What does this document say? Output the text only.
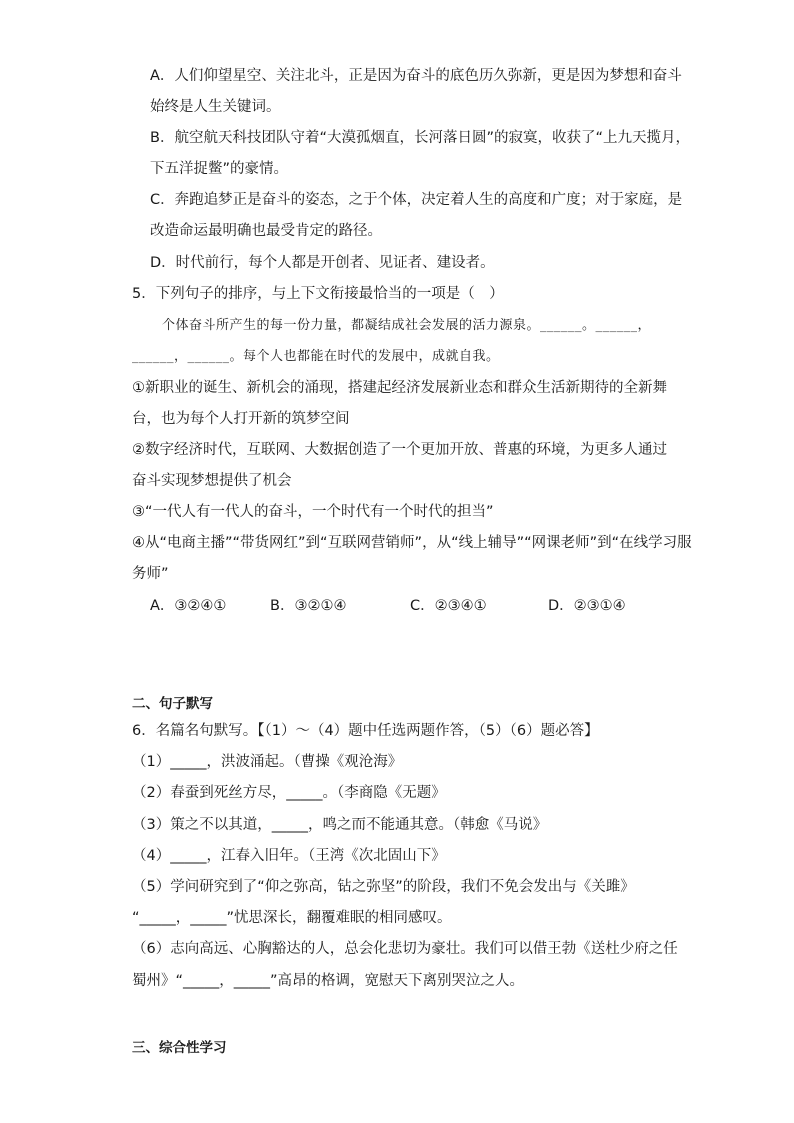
A．人们仰望星空、关注北斗，正是因为奋斗的底色历久弥新，更是因为梦想和奋斗
始终是人生关键词。
B．航空航天科技团队守着“大漠孤烟直，长河落日圆”的寂寞，收获了“上九天揽月，
下五洋捉鳖”的豪情。
C．奔跑追梦正是奋斗的姿态，之于个体，决定着人生的高度和广度；对于家庭，是
改造命运最明确也最受肯定的路径。
D．时代前行，每个人都是开创者、见证者、建设者。
5．下列句子的排序，与上下文衔接最恰当的一项是（　）
个体奋斗所产生的每一份力量，都凝结成社会发展的活力源泉。______。______，
______，______。每个人也都能在时代的发展中，成就自我。
①新职业的诞生、新机会的涌现，搭建起经济发展新业态和群众生活新期待的全新舞
台，也为每个人打开新的筑梦空间
②数字经济时代，互联网、大数据创造了一个更加开放、普惠的环境，为更多人通过
奋斗实现梦想提供了机会
③“一代人有一代人的奋斗，一个时代有一个时代的担当”
④从“电商主播”“带货网红”到“互联网营销师”，从“线上辅导”“网课老师”到“在线学习服
务师”
A．③②④①	B．③②①④	C．②③④①	D．②③①④
二、句子默写
6．名篇名句默写。【（1）～（4）题中任选两题作答，（5）（6）题必答】
（1）_____，洪波涌起。（曹操《观沧海》
（2）春蚕到死丝方尽，_____。（李商隐《无题》
（3）策之不以其道，_____，鸣之而不能通其意。（韩愈《马说》
（4）_____，江春入旧年。（王湾《次北固山下》
（5）学问研究到了“仰之弥高，钻之弥坚”的阶段，我们不免会发出与《关雎》
“_____，_____”忧思深长，翻覆难眠的相同感叹。
（6）志向高远、心胸豁达的人，总会化悲切为豪壮。我们可以借王勃《送杜少府之任
蜀州》“_____，_____”高昂的格调，宽慰天下离别哭泣之人。
三、综合性学习
